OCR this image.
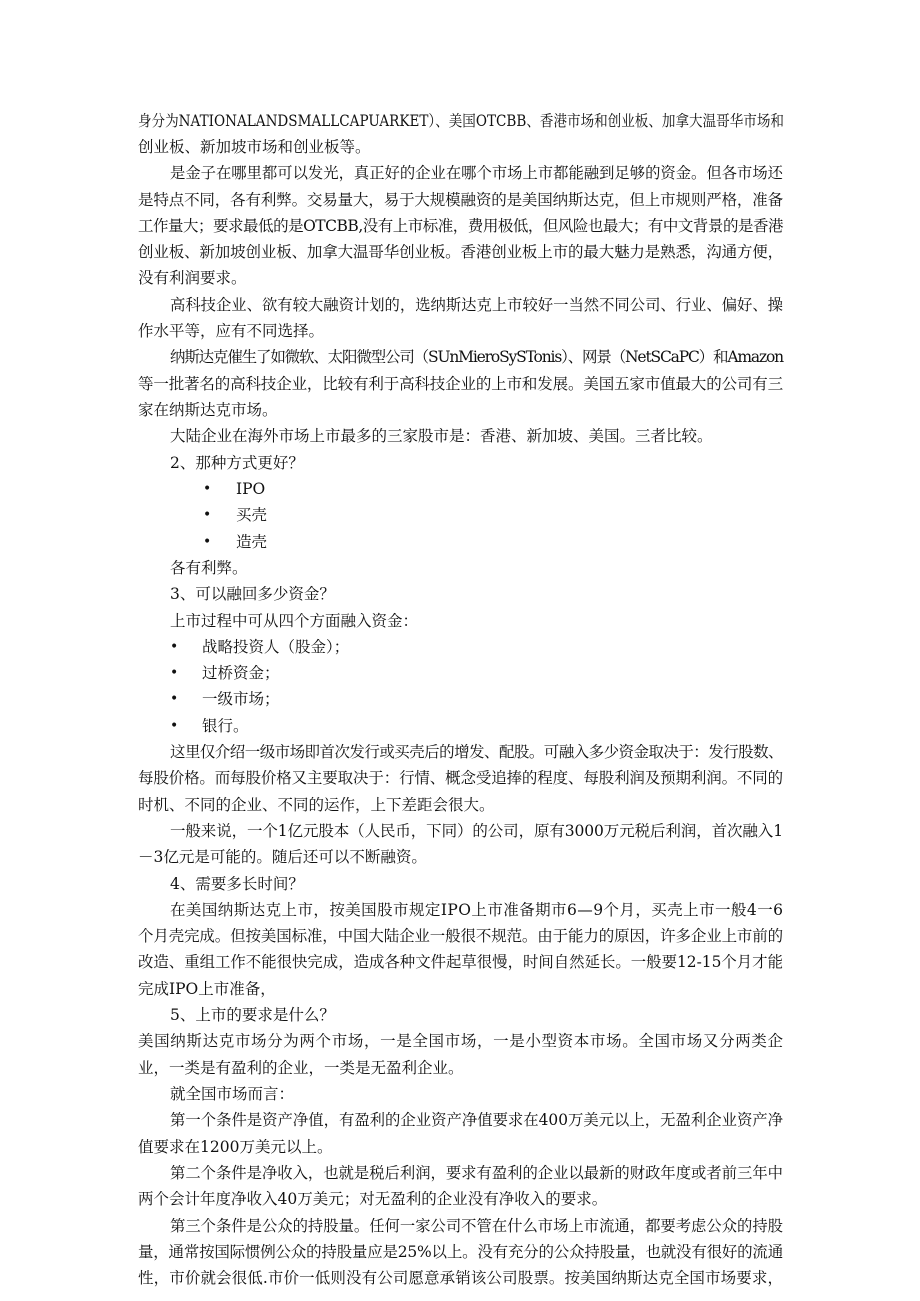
身分为NATIONALANDSMALLCAPUARKET）、美国OTCBB、香港市场和创业板、加拿大温哥华市场和
创业板、新加坡市场和创业板等。
是金子在哪里都可以发光，真正好的企业在哪个市场上市都能融到足够的资金。但各市场还
是特点不同，各有利弊。交易量大，易于大规模融资的是美国纳斯达克，但上市规则严格，准备
工作量大；要求最低的是OTCBB,没有上市标准，费用极低，但风险也最大；有中文背景的是香港
创业板、新加坡创业板、加拿大温哥华创业板。香港创业板上市的最大魅力是熟悉，沟通方便，
没有利润要求。
高科技企业、欲有较大融资计划的，选纳斯达克上市较好一当然不同公司、行业、偏好、操
作水平等，应有不同选择。
纳斯达克催生了如微软、太阳微型公司（SUnMieroSySTonis）、网景（NetSCaPC）和Amazon
等一批著名的高科技企业，比较有利于高科技企业的上市和发展。美国五家市值最大的公司有三
家在纳斯达克市场。
大陆企业在海外市场上市最多的三家股市是：香港、新加坡、美国。三者比较。
2、那种方式更好？
• IPO
• 买壳
• 造壳
各有利弊。
3、可以融回多少资金？
上市过程中可从四个方面融入资金：
• 战略投资人（股金）；
• 过桥资金；
• 一级市场；
• 银行。
这里仅介绍一级市场即首次发行或买壳后的增发、配股。可融入多少资金取决于：发行股数、
每股价格。而每股价格又主要取决于：行情、概念受追捧的程度、每股利润及预期利润。不同的
时机、不同的企业、不同的运作，上下差距会很大。
一般来说，一个1亿元股本（人民币，下同）的公司，原有3000万元税后利润，首次融入1
－3亿元是可能的。随后还可以不断融资。
4、需要多长时间？
在美国纳斯达克上市，按美国股市规定IPO上市准备期市6—9个月，买壳上市一般4一6
个月壳完成。但按美国标准，中国大陆企业一般很不规范。由于能力的原因，许多企业上市前的
改造、重组工作不能很快完成，造成各种文件起草很慢，时间自然延长。一般要12-15个月才能
完成IPO上市准备，
5、上市的要求是什么？
美国纳斯达克市场分为两个市场，一是全国市场，一是小型资本市场。全国市场又分两类企
业，一类是有盈利的企业，一类是无盈利企业。
就全国市场而言：
第一个条件是资产净值，有盈利的企业资产净值要求在400万美元以上，无盈利企业资产净
值要求在1200万美元以上。
第二个条件是净收入，也就是税后利润，要求有盈利的企业以最新的财政年度或者前三年中
两个会计年度净收入40万美元；对无盈利的企业没有净收入的要求。
第三个条件是公众的持股量。任何一家公司不管在什么市场上市流通，都要考虑公众的持股
量，通常按国际惯例公众的持股量应是25%以上。没有充分的公众持股量，也就没有很好的流通
性，市价就会很低.市价一低则没有公司愿意承销该公司股票。按美国纳斯达克全国市场要求，
